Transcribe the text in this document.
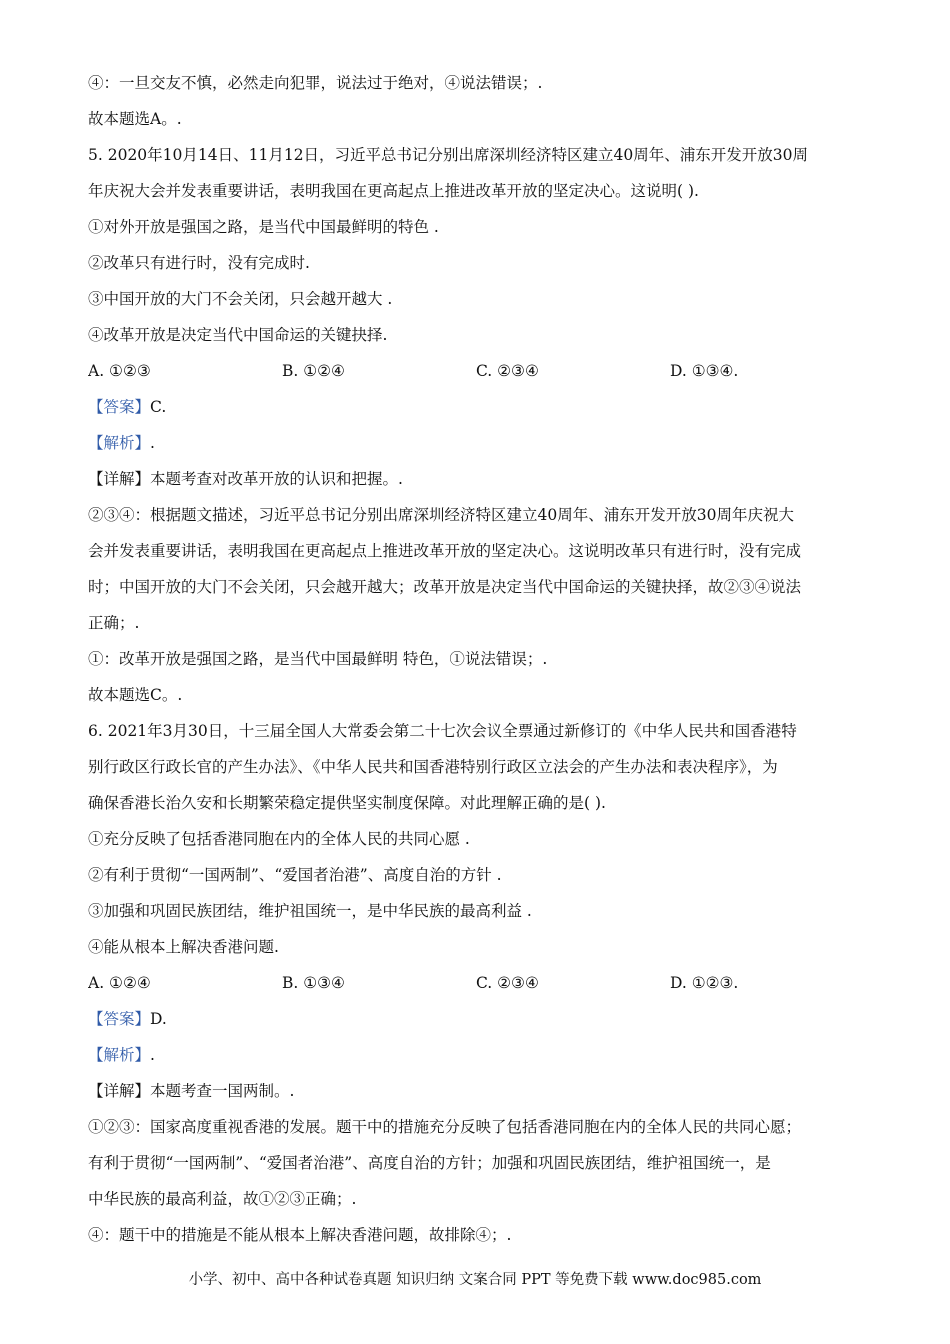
④：一旦交友不慎，必然走向犯罪，说法过于绝对，④说法错误；.
故本题选A。.
5. 2020年10月14日、11月12日，习近平总书记分别出席深圳经济特区建立40周年、浦东开发开放30周
年庆祝大会并发表重要讲话，表明我国在更高起点上推进改革开放的坚定决心。这说明( ).
①对外开放是强国之路，是当代中国最鲜明的特色 .
②改革只有进行时，没有完成时.
③中国开放的大门不会关闭，只会越开越大 .
④改革开放是决定当代中国命运的关键抉择.
A. ①②③	B. ①②④	C. ②③④	D. ①③④.
【答案】C.
【解析】.
【详解】本题考查对改革开放的认识和把握。.
②③④：根据题文描述，习近平总书记分别出席深圳经济特区建立40周年、浦东开发开放30周年庆祝大
会并发表重要讲话，表明我国在更高起点上推进改革开放的坚定决心。这说明改革只有进行时，没有完成
时；中国开放的大门不会关闭，只会越开越大；改革开放是决定当代中国命运的关键抉择，故②③④说法
正确；.
①：改革开放是强国之路，是当代中国最鲜明 特色，①说法错误；.
故本题选C。.
6. 2021年3月30日，十三届全国人大常委会第二十七次会议全票通过新修订的《中华人民共和国香港特
别行政区行政长官的产生办法》、《中华人民共和国香港特别行政区立法会的产生办法和表决程序》，为
确保香港长治久安和长期繁荣稳定提供坚实制度保障。对此理解正确的是( ).
①充分反映了包括香港同胞在内的全体人民的共同心愿 .
②有利于贯彻“一国两制”、“爱国者治港”、高度自治的方针 .
③加强和巩固民族团结，维护祖国统一，是中华民族的最高利益 .
④能从根本上解决香港问题.
A. ①②④	B. ①③④	C. ②③④	D. ①②③.
【答案】D.
【解析】.
【详解】本题考查一国两制。.
①②③：国家高度重视香港的发展。题干中的措施充分反映了包括香港同胞在内的全体人民的共同心愿；
有利于贯彻“一国两制”、“爱国者治港”、高度自治的方针；加强和巩固民族团结，维护祖国统一，是
中华民族的最高利益，故①②③正确；.
④：题干中的措施是不能从根本上解决香港问题，故排除④；.
小学、初中、高中各种试卷真题 知识归纳 文案合同 PPT 等免费下载 www.doc985.com
